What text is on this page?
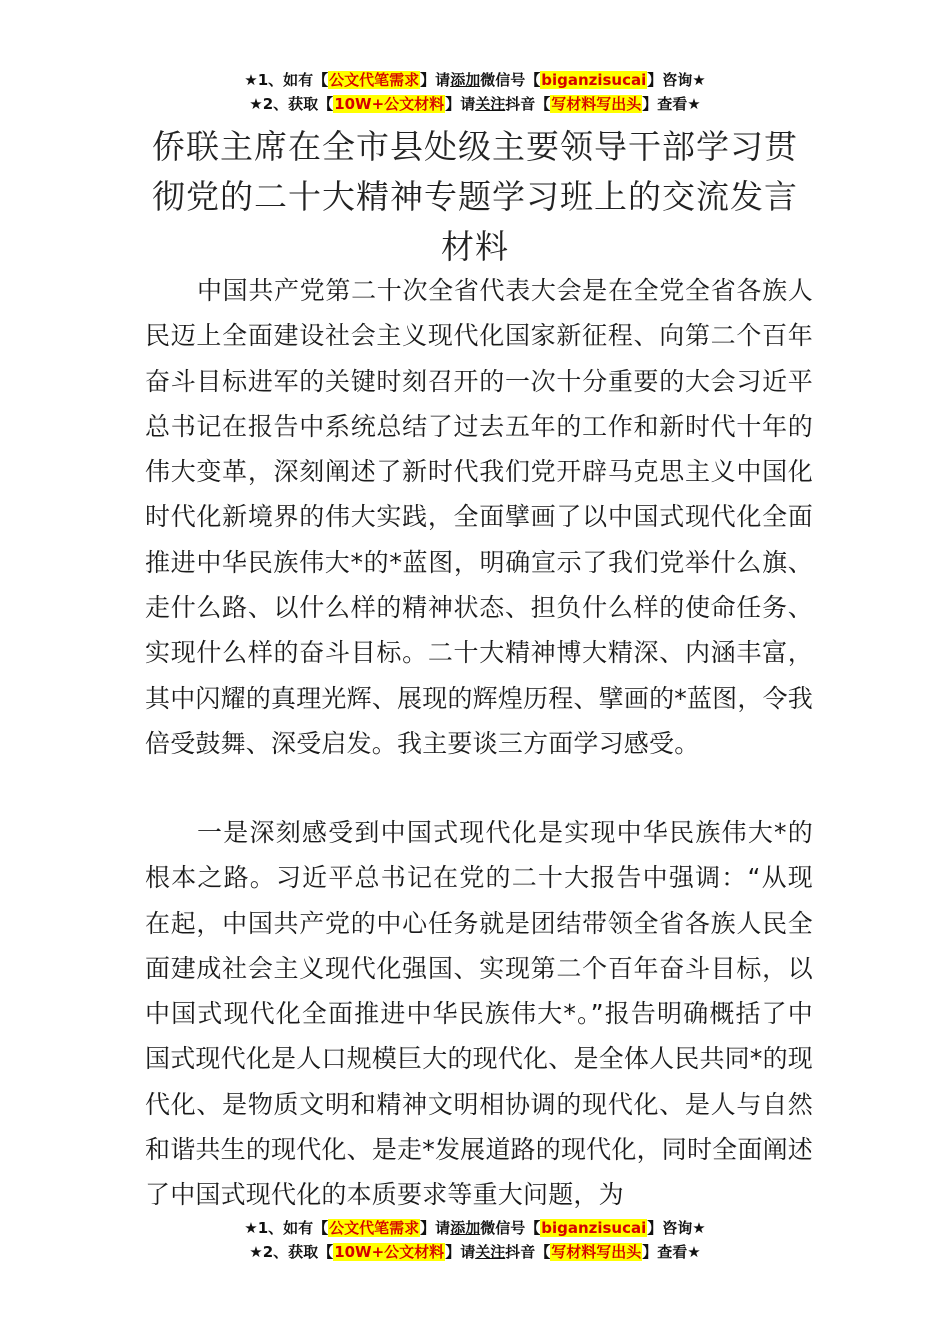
★1、如有【公文代笔需求】请添加微信号【biganzisucai】咨询★
★2、获取【10W+公文材料】请关注抖音【写材料写出头】查看★
侨联主席在全市县处级主要领导干部学习贯彻党的二十大精神专题学习班上的交流发言材料

中国共产党第二十次全省代表大会是在全党全省各族人民迈上全面建设社会主义现代化国家新征程、向第二个百年奋斗目标进军的关键时刻召开的一次十分重要的大会习近平总书记在报告中系统总结了过去五年的工作和新时代十年的伟大变革，深刻阐述了新时代我们党开辟马克思主义中国化时代化新境界的伟大实践，全面擘画了以中国式现代化全面推进中华民族伟大*的*蓝图，明确宣示了我们党举什么旗、走什么路、以什么样的精神状态、担负什么样的使命任务、实现什么样的奋斗目标。二十大精神博大精深、内涵丰富，其中闪耀的真理光辉、展现的辉煌历程、擘画的*蓝图，令我倍受鼓舞、深受启发。我主要谈三方面学习感受。

一是深刻感受到中国式现代化是实现中华民族伟大*的根本之路。习近平总书记在党的二十大报告中强调：“从现在起，中国共产党的中心任务就是团结带领全省各族人民全面建成社会主义现代化强国、实现第二个百年奋斗目标，以中国式现代化全面推进中华民族伟大*。”报告明确概括了中国式现代化是人口规模巨大的现代化、是全体人民共同*的现代化、是物质文明和精神文明相协调的现代化、是人与自然和谐共生的现代化、是走*发展道路的现代化，同时全面阐述了中国式现代化的本质要求等重大问题，为

★1、如有【公文代笔需求】请添加微信号【biganzisucai】咨询★
★2、获取【10W+公文材料】请关注抖音【写材料写出头】查看★
